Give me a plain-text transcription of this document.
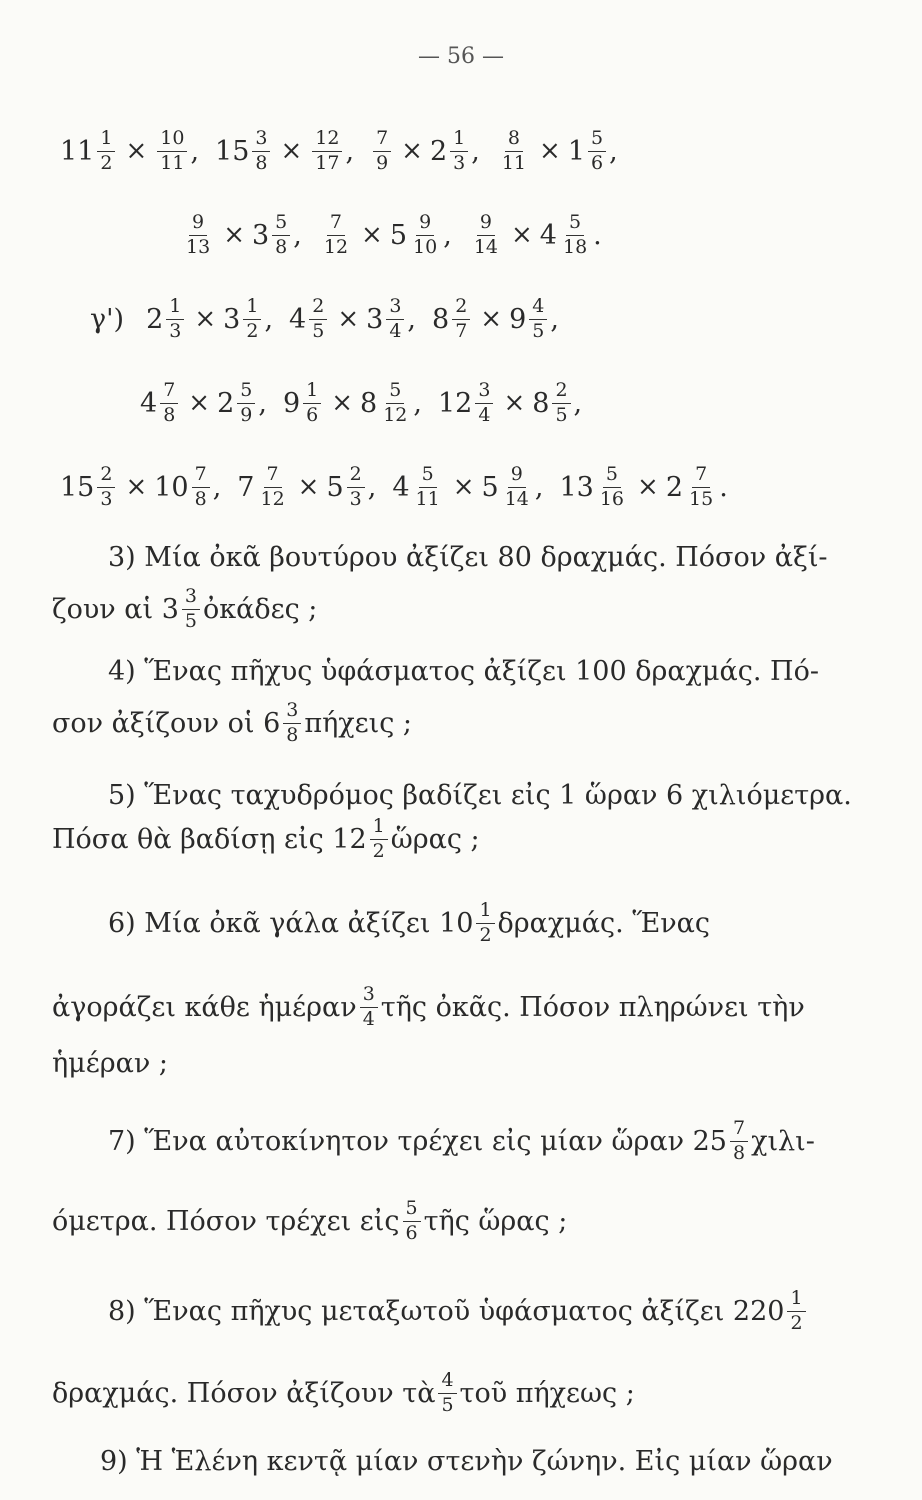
— 56 —
$11 \frac{1}{2} \times \frac{10}{11}$ , $15 \frac{3}{8} \times \frac{12}{17}$ , $\frac{7}{9} \times 2 \frac{1}{3}$ , $\frac{8}{11} \times 1 \frac{5}{6}$ ,
$\frac{9}{13} \times 3 \frac{5}{8}$ , $\frac{7}{12} \times 5 \frac{9}{10}$ , $\frac{9}{14} \times 4 \frac{5}{18}$ .
γ') $2 \frac{1}{3} \times 3 \frac{1}{2}$ , $4 \frac{2}{5} \times 3 \frac{3}{4}$ , $8 \frac{2}{7} \times 9 \frac{4}{5}$ ,
$4 \frac{7}{8} \times 2 \frac{5}{9}$ , $9 \frac{1}{6} \times 8 \frac{5}{12}$ , $12 \frac{3}{4} \times 8 \frac{2}{5}$ ,
$15 \frac{2}{3} \times 10 \frac{7}{8}$ , $7 \frac{7}{12} \times 5 \frac{2}{3}$ , $4 \frac{5}{11} \times 5 \frac{9}{14}$ , $13 \frac{5}{16} \times 2 \frac{7}{15}$ .
3) Μία ὀκᾶ βουτύρου ἀξίζει 80 δραχμάς. Πόσον ἀξί-
ζουν αἱ $3 \frac{3}{5}$ ὀκάδες ;
4) Ἕνας πῆχυς ὑφάσματος ἀξίζει 100 δραχμάς. Πό-
σον ἀξίζουν οἱ $6 \frac{3}{8}$ πήχεις ;
5) Ἕνας ταχυδρόμος βαδίζει εἰς 1 ὥραν 6 χιλιόμετρα.
Πόσα θὰ βαδίσῃ εἰς $12 \frac{1}{2}$ ὥρας ;
6) Μία ὀκᾶ γάλα ἀξίζει $10 \frac{1}{2} \delta\rho\alpha\chi\mu ά\varsigma$. Ἕνας
ἀγοράζει κάθε ἡμέραν $\frac{3}{4}$ τῆς ὀκᾶς. Πόσον πληρώνει τὴν
ἡμέραν ;
7) Ἕνα αὐτοκίνητον τρέχει εἰς μίαν ὥραν $25 \frac{7}{8} \chi\iota\lambda\iota-$
όμετρα. Πόσον τρέχει εἰς $\frac{5}{6}$ τῆς ὥρας ;
8) Ἕνας πῆχυς μεταξωτοῦ ὑφάσματος ἀξίζει $220 \frac{1}{2}$
δραχμάς. Πόσον ἀξίζουν τὰ $\frac{4}{5}$ τοῦ πήχεως ;
9) Ἡ Ἑλένη κεντᾷ μίαν στενὴν ζώνην. Εἰς μίαν ὥραν
